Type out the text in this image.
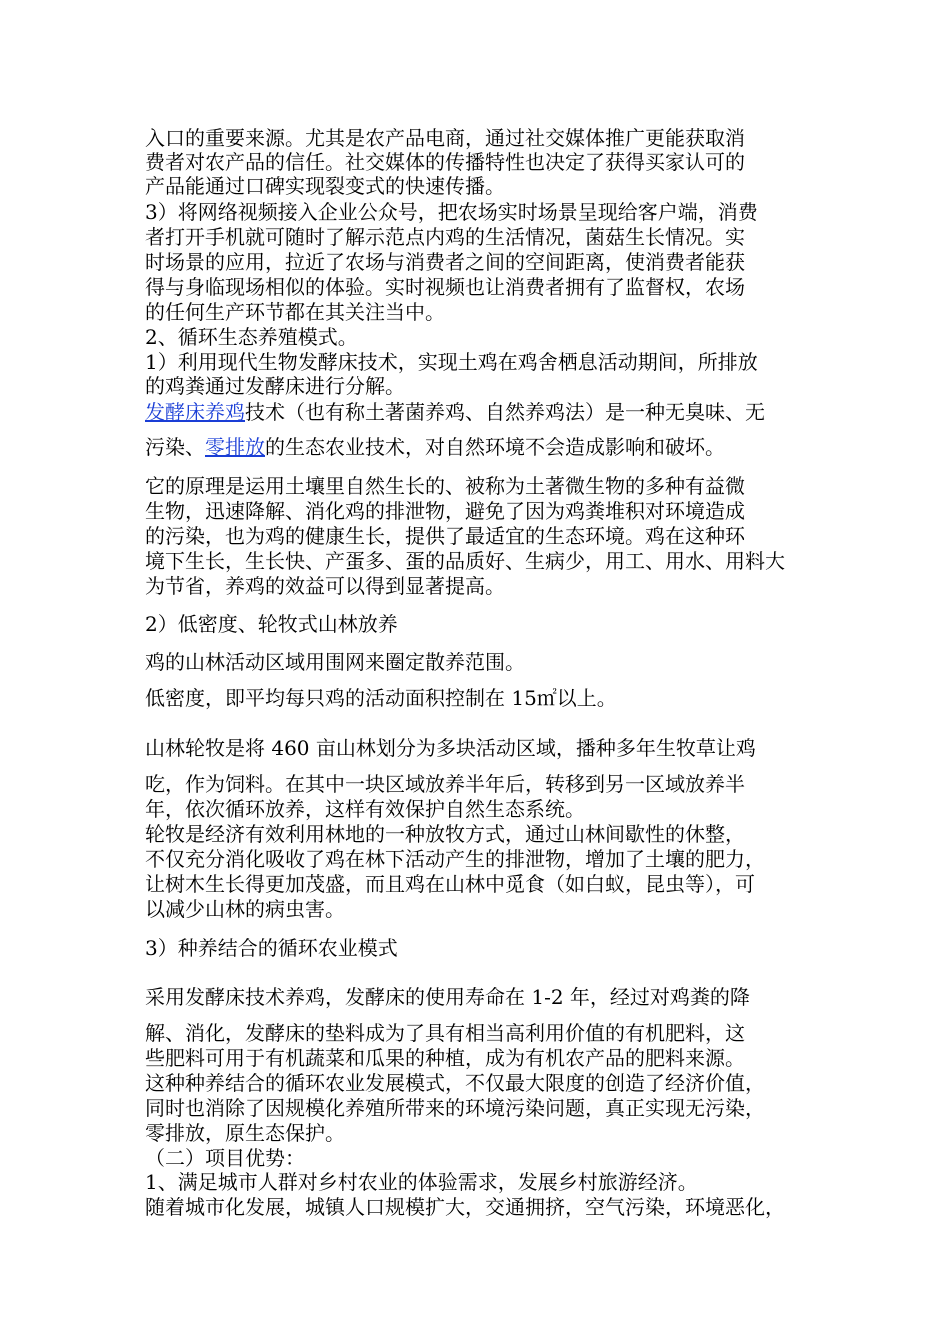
入口的重要来源。尤其是农产品电商，通过社交媒体推广更能获取消
费者对农产品的信任。社交媒体的传播特性也决定了获得买家认可的
产品能通过口碑实现裂变式的快速传播。
3）将网络视频接入企业公众号，把农场实时场景呈现给客户端，消费
者打开手机就可随时了解示范点内鸡的生活情况，菌菇生长情况。实
时场景的应用，拉近了农场与消费者之间的空间距离，使消费者能获
得与身临现场相似的体验。实时视频也让消费者拥有了监督权，农场
的任何生产环节都在其关注当中。
2、循环生态养殖模式。
1）利用现代生物发酵床技术，实现土鸡在鸡舍栖息活动期间，所排放
的鸡粪通过发酵床进行分解。
发酵床养鸡技术（也有称土著菌养鸡、自然养鸡法）是一种无臭味、无
污染、零排放的生态农业技术，对自然环境不会造成影响和破坏。
它的原理是运用土壤里自然生长的、被称为土著微生物的多种有益微
生物，迅速降解、消化鸡的排泄物，避免了因为鸡粪堆积对环境造成
的污染，也为鸡的健康生长，提供了最适宜的生态环境。鸡在这种环
境下生长，生长快、产蛋多、蛋的品质好、生病少，用工、用水、用料大
为节省，养鸡的效益可以得到显著提高。
2）低密度、轮牧式山林放养
鸡的山林活动区域用围网来圈定散养范围。
低密度，即平均每只鸡的活动面积控制在 15㎡以上。
山林轮牧是将 460 亩山林划分为多块活动区域，播种多年生牧草让鸡
吃，作为饲料。在其中一块区域放养半年后，转移到另一区域放养半
年，依次循环放养，这样有效保护自然生态系统。
轮牧是经济有效利用林地的一种放牧方式，通过山林间歇性的休整，
不仅充分消化吸收了鸡在林下活动产生的排泄物，增加了土壤的肥力，
让树木生长得更加茂盛，而且鸡在山林中觅食（如白蚁，昆虫等），可
以减少山林的病虫害。
3）种养结合的循环农业模式
采用发酵床技术养鸡，发酵床的使用寿命在 1-2 年，经过对鸡粪的降
解、消化，发酵床的垫料成为了具有相当高利用价值的有机肥料，这
些肥料可用于有机蔬菜和瓜果的种植，成为有机农产品的肥料来源。
这种种养结合的循环农业发展模式，不仅最大限度的创造了经济价值，
同时也消除了因规模化养殖所带来的环境污染问题，真正实现无污染，
零排放，原生态保护。
（二）项目优势：
1、满足城市人群对乡村农业的体验需求，发展乡村旅游经济。
随着城市化发展，城镇人口规模扩大，交通拥挤，空气污染，环境恶化，
